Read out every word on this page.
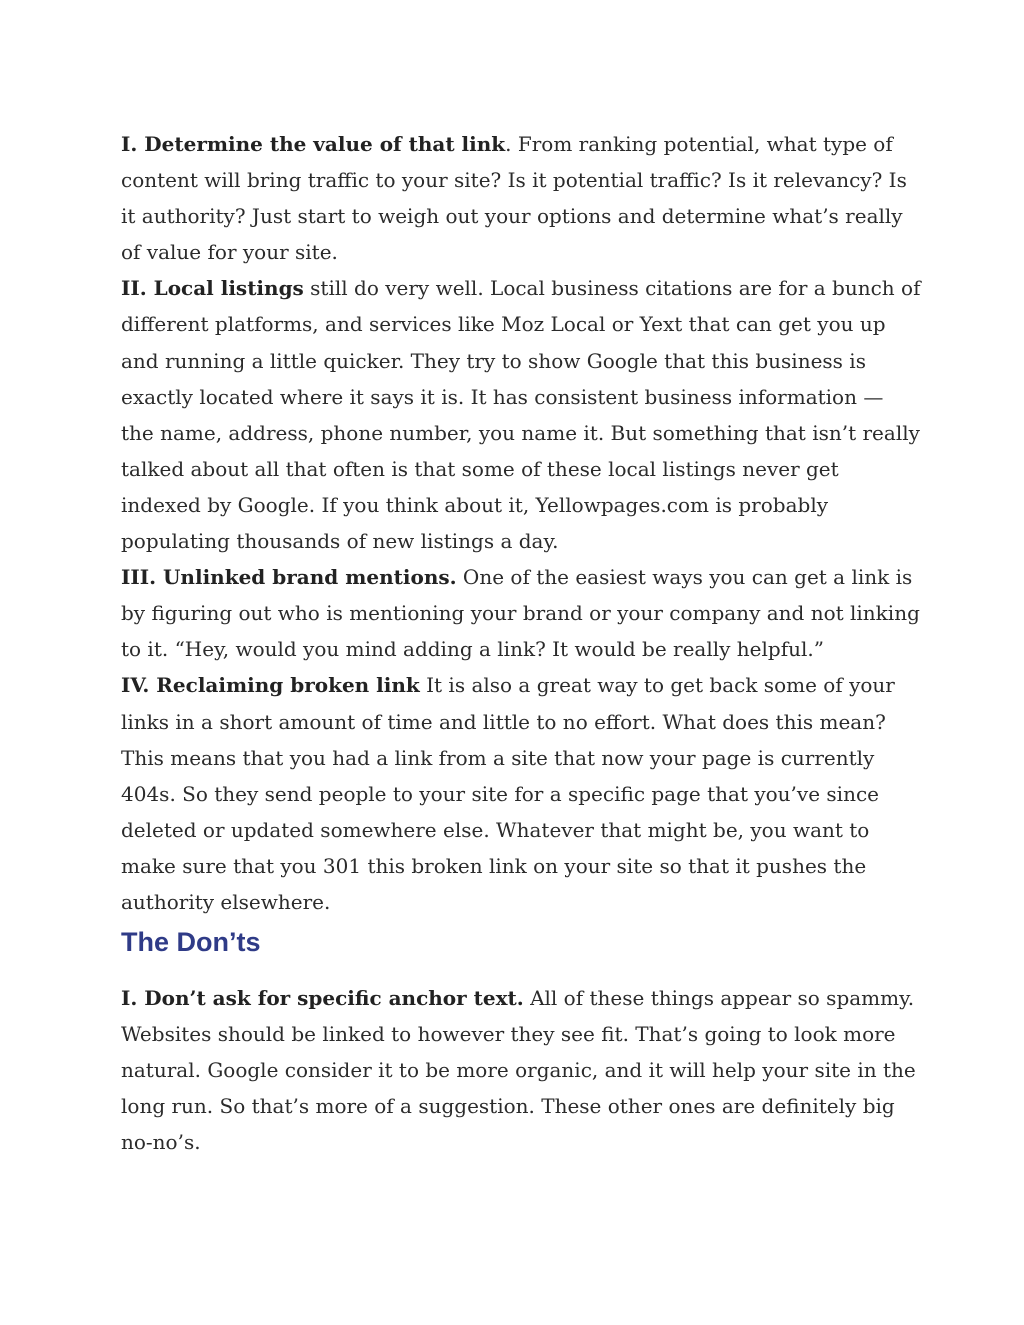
I. Determine the value of that link. From ranking potential, what type of content will bring traffic to your site? Is it potential traffic? Is it relevancy? Is it authority? Just start to weigh out your options and determine what’s really of value for your site.

II. Local listings still do very well. Local business citations are for a bunch of different platforms, and services like Moz Local or Yext that can get you up and running a little quicker. They try to show Google that this business is exactly located where it says it is. It has consistent business information — the name, address, phone number, you name it. But something that isn’t really talked about all that often is that some of these local listings never get indexed by Google. If you think about it, Yellowpages.com is probably populating thousands of new listings a day.

III. Unlinked brand mentions. One of the easiest ways you can get a link is by figuring out who is mentioning your brand or your company and not linking to it. “Hey, would you mind adding a link? It would be really helpful.”

IV. Reclaiming broken link It is also a great way to get back some of your links in a short amount of time and little to no effort. What does this mean? This means that you had a link from a site that now your page is currently 404s. So they send people to your site for a specific page that you’ve since deleted or updated somewhere else. Whatever that might be, you want to make sure that you 301 this broken link on your site so that it pushes the authority elsewhere.

The Don’ts

I. Don’t ask for specific anchor text. All of these things appear so spammy. Websites should be linked to however they see fit. That’s going to look more natural. Google consider it to be more organic, and it will help your site in the long run. So that’s more of a suggestion. These other ones are definitely big no-no’s.
